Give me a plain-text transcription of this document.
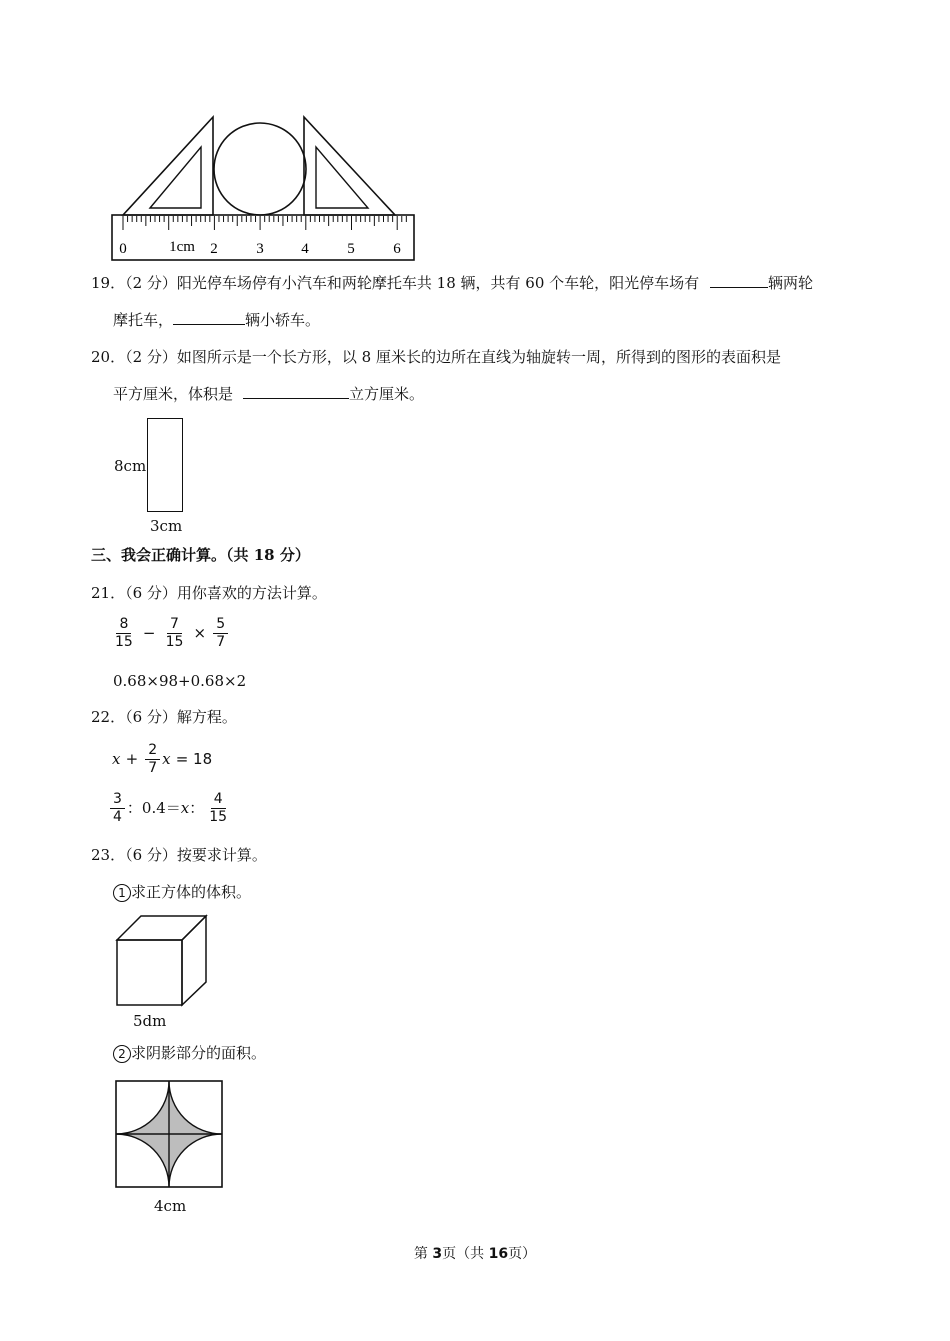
0	1cm 2	3	4	5	6
19．（2 分）阳光停车场停有小汽车和两轮摩托车共 18 辆，共有 60 个车轮，阳光停车场有	辆两轮
摩托车，	辆小轿车。
20．（2 分）如图所示是一个长方形，以 8 厘米长的边所在直线为轴旋转一周，所得到的图形的表面积是
平方厘米，体积是	立方厘米。
8cm
3cm
三、我会正确计算。（共 18 分）
21．（6 分）用你喜欢的方法计算。
$\frac{8}{15} - \frac{7}{15} \times \frac{5}{7}$
0.68×98+0.68×2
22．（6 分）解方程。
$x + \frac{2}{7}$ x = 18
$\frac{3}{4}$ ：0.4＝x： $\frac{4}{15}$
23．（6 分）按要求计算。
1 求正方体的体积。
5dm
2 求阴影部分的面积。
4cm
第 3页（共 16页）
